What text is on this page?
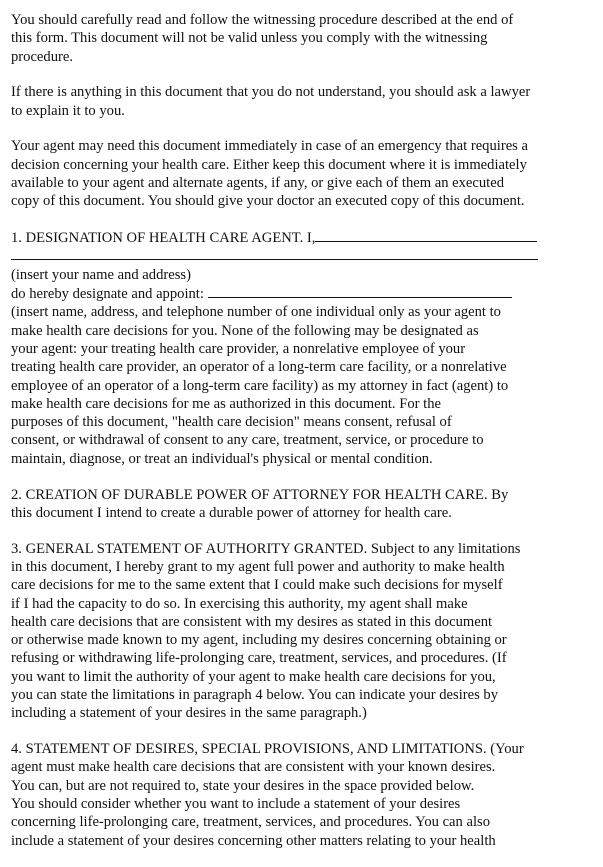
You should carefully read and follow the witnessing procedure described at the end of
this form. This document will not be valid unless you comply with the witnessing
procedure.
If there is anything in this document that you do not understand, you should ask a lawyer
to explain it to you.
Your agent may need this document immediately in case of an emergency that requires a
decision concerning your health care. Either keep this document where it is immediately
available to your agent and alternate agents, if any, or give each of them an executed
copy of this document. You should give your doctor an executed copy of this document.
1. DESIGNATION OF HEALTH CARE AGENT. I,
(insert your name and address)
do hereby designate and appoint:
(insert name, address, and telephone number of one individual only as your agent to
make health care decisions for you. None of the following may be designated as
your agent: your treating health care provider, a nonrelative employee of your
treating health care provider, an operator of a long-term care facility, or a nonrelative
employee of an operator of a long-term care facility) as my attorney in fact (agent) to
make health care decisions for me as authorized in this document. For the
purposes of this document, "health care decision" means consent, refusal of
consent, or withdrawal of consent to any care, treatment, service, or procedure to
maintain, diagnose, or treat an individual's physical or mental condition.
2. CREATION OF DURABLE POWER OF ATTORNEY FOR HEALTH CARE. By
this document I intend to create a durable power of attorney for health care.
3. GENERAL STATEMENT OF AUTHORITY GRANTED. Subject to any limitations
in this document, I hereby grant to my agent full power and authority to make health
care decisions for me to the same extent that I could make such decisions for myself
if I had the capacity to do so. In exercising this authority, my agent shall make
health care decisions that are consistent with my desires as stated in this document
or otherwise made known to my agent, including my desires concerning obtaining or
refusing or withdrawing life-prolonging care, treatment, services, and procedures. (If
you want to limit the authority of your agent to make health care decisions for you,
you can state the limitations in paragraph 4 below. You can indicate your desires by
including a statement of your desires in the same paragraph.)
4. STATEMENT OF DESIRES, SPECIAL PROVISIONS, AND LIMITATIONS. (Your
agent must make health care decisions that are consistent with your known desires.
You can, but are not required to, state your desires in the space provided below.
You should consider whether you want to include a statement of your desires
concerning life-prolonging care, treatment, services, and procedures. You can also
include a statement of your desires concerning other matters relating to your health
